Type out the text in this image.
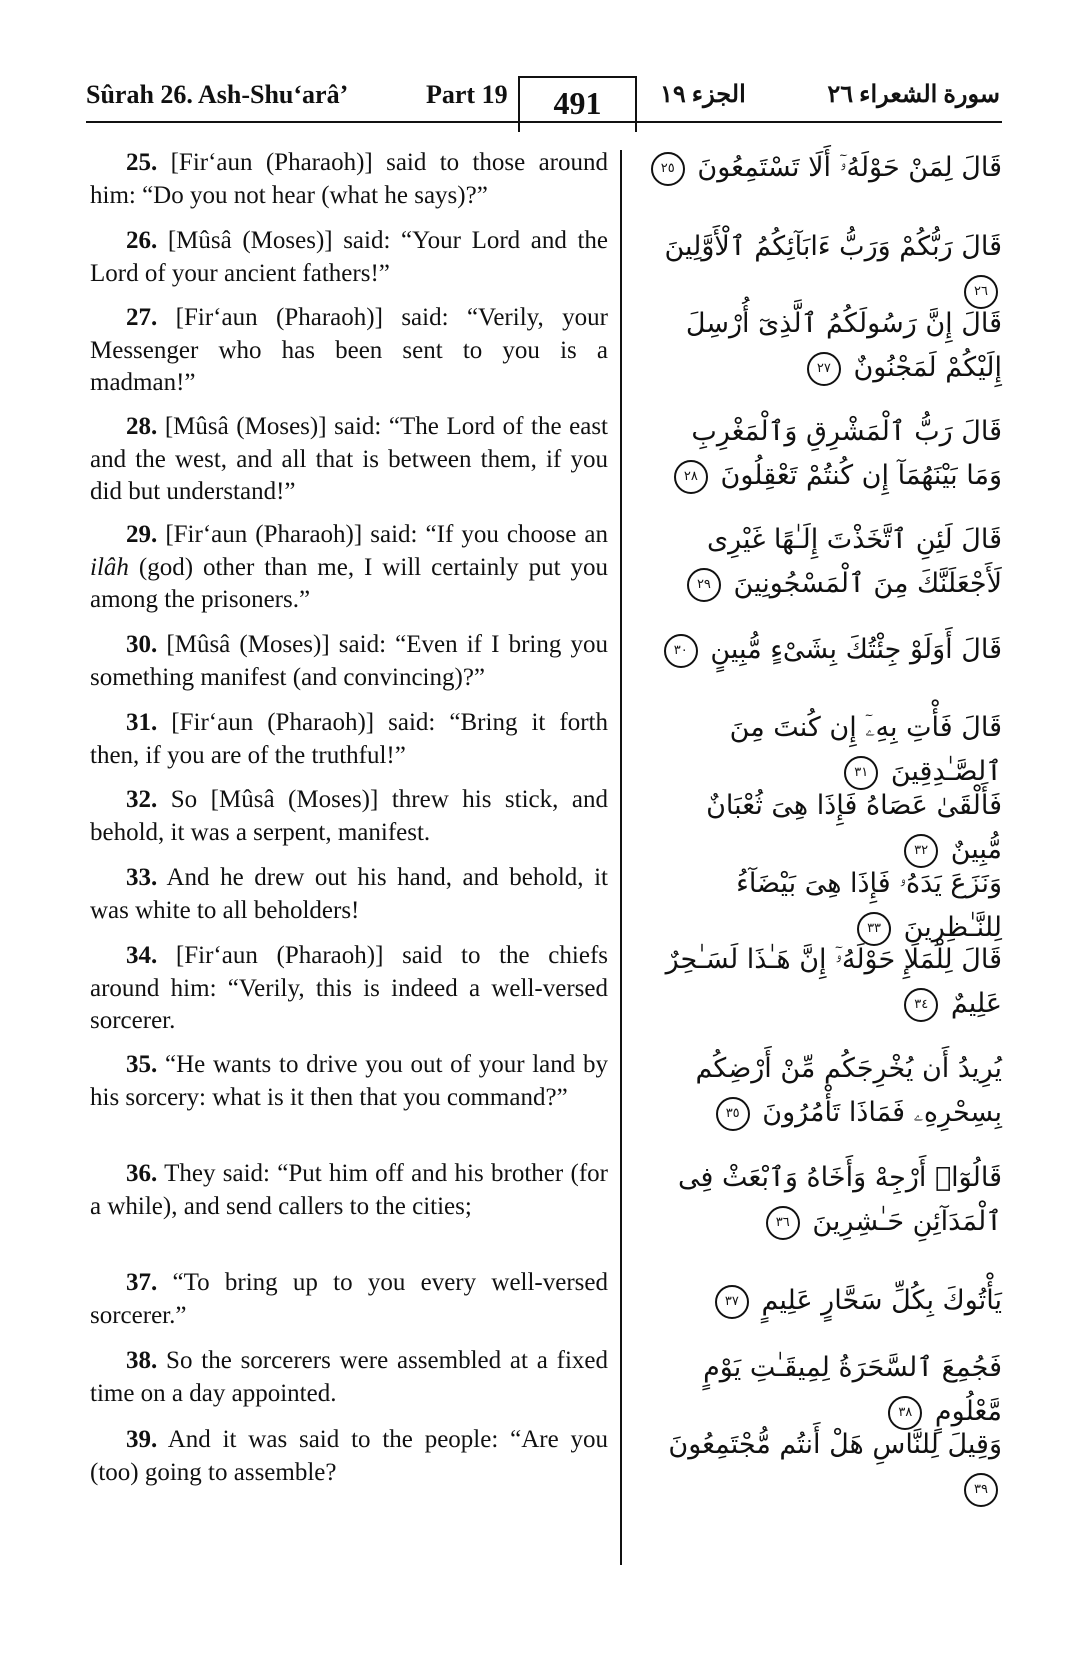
Sûrah 26. Ash-Shu‘arâ’	Part 19	491	الجزء ١٩	سورة الشعراء ٢٦
25. [Fir‘aun (Pharaoh)] said to those around him: “Do you not hear (what he says)?”
قَالَ لِمَنْ حَوْلَهُۥٓ أَلَا تَسْتَمِعُونَ ٢٥
26. [Mûsâ (Moses)] said: “Your Lord and the Lord of your ancient fathers!”
قَالَ رَبُّكُمْ وَرَبُّ ءَابَآئِكُمُ ٱلْأَوَّلِينَ ٢٦
27. [Fir‘aun (Pharaoh)] said: “Verily, your Messenger who has been sent to you is a madman!”
قَالَ إِنَّ رَسُولَكُمُ ٱلَّذِىٓ أُرْسِلَ إِلَيْكُمْ لَمَجْنُونٌ ٢٧
28. [Mûsâ (Moses)] said: “The Lord of the east and the west, and all that is between them, if you did but understand!”
قَالَ رَبُّ ٱلْمَشْرِقِ وَٱلْمَغْرِبِ وَمَا بَيْنَهُمَآ إِن كُنتُمْ تَعْقِلُونَ ٢٨
29. [Fir‘aun (Pharaoh)] said: “If you choose an ilâh (god) other than me, I will certainly put you among the prisoners.”
قَالَ لَئِنِ ٱتَّخَذْتَ إِلَـٰهًا غَيْرِى لَأَجْعَلَنَّكَ مِنَ ٱلْمَسْجُونِينَ ٢٩
30. [Mûsâ (Moses)] said: “Even if I bring you something manifest (and convincing)?”
قَالَ أَوَلَوْ جِئْتُكَ بِشَىْءٍ مُّبِينٍ ٣٠
31. [Fir‘aun (Pharaoh)] said: “Bring it forth then, if you are of the truthful!”
قَالَ فَأْتِ بِهِۦٓ إِن كُنتَ مِنَ ٱلصَّـٰدِقِينَ ٣١
32. So [Mûsâ (Moses)] threw his stick, and behold, it was a serpent, manifest.
فَأَلْقَىٰ عَصَاهُ فَإِذَا هِىَ ثُعْبَانٌ مُّبِينٌ ٣٢
33. And he drew out his hand, and behold, it was white to all beholders!
وَنَزَعَ يَدَهُۥ فَإِذَا هِىَ بَيْضَآءُ لِلنَّـٰظِرِينَ ٣٣
34. [Fir‘aun (Pharaoh)] said to the chiefs around him: “Verily, this is indeed a well-versed sorcerer.
قَالَ لِلْمَلَإِ حَوْلَهُۥٓ إِنَّ هَـٰذَا لَسَـٰحِرٌ عَلِيمٌ ٣٤
35. “He wants to drive you out of your land by his sorcery: what is it then that you command?”
يُرِيدُ أَن يُخْرِجَكُم مِّنْ أَرْضِكُم بِسِحْرِهِۦ فَمَاذَا تَأْمُرُونَ ٣٥
36. They said: “Put him off and his brother (for a while), and send callers to the cities;
قَالُوٓا۟ أَرْجِهْ وَأَخَاهُ وَٱبْعَثْ فِى ٱلْمَدَآئِنِ حَـٰشِرِينَ ٣٦
37. “To bring up to you every well-versed sorcerer.”	يَأْتُوكَ بِكُلِّ سَحَّارٍ عَلِيمٍ ٣٧
38. So the sorcerers were assembled at a fixed time on a day appointed.
فَجُمِعَ ٱلسَّحَرَةُ لِمِيقَـٰتِ يَوْمٍ مَّعْلُومٍ ٣٨
39. And it was said to the people: “Are you (too) going to assemble?
وَقِيلَ لِلنَّاسِ هَلْ أَنتُم مُّجْتَمِعُونَ ٣٩
